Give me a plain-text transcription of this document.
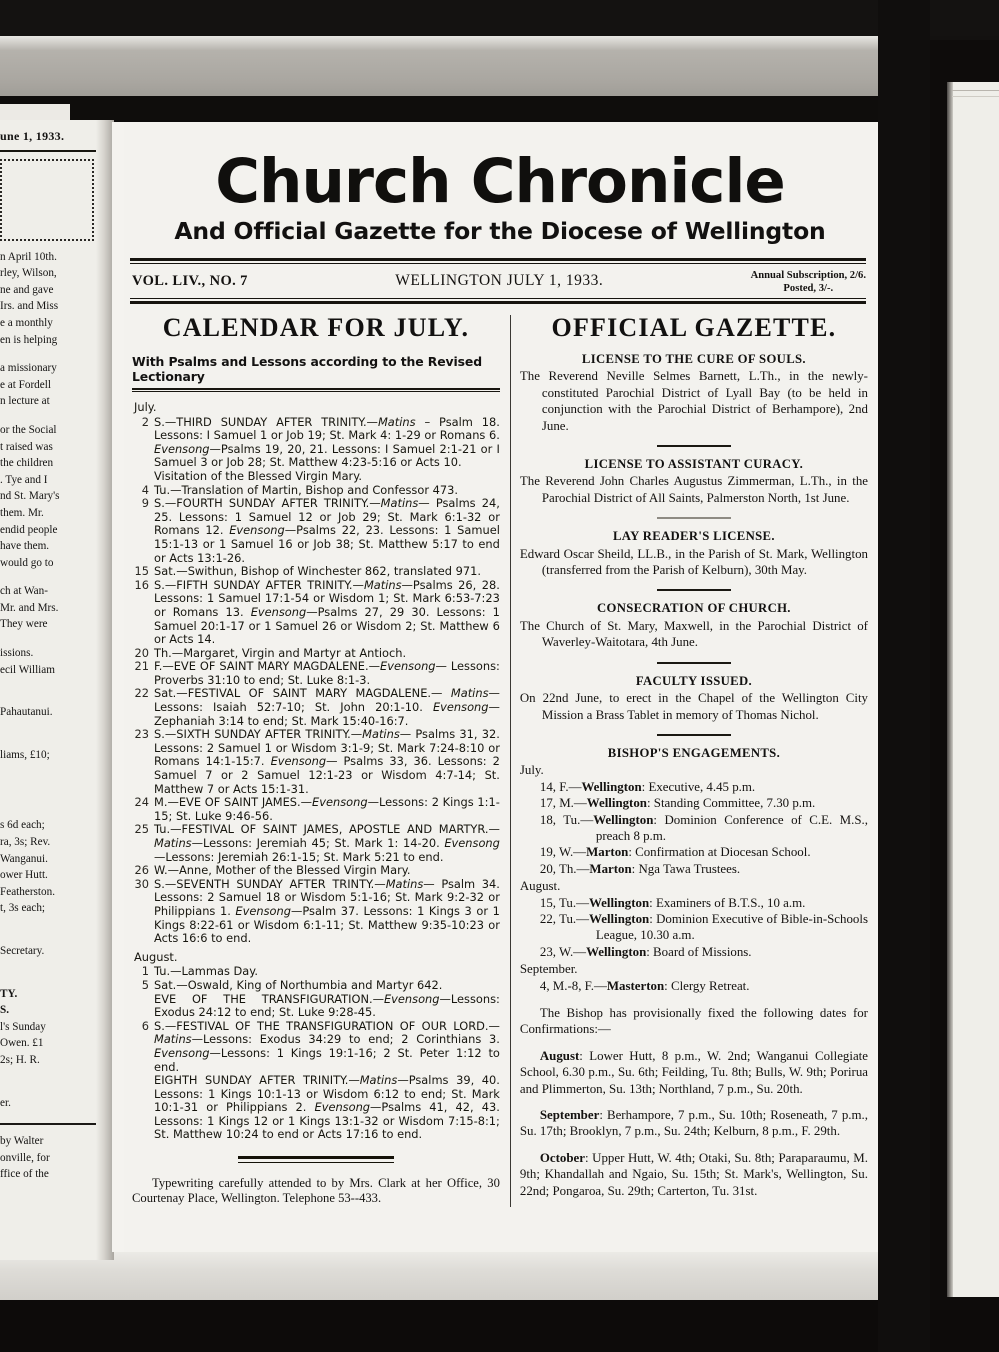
une 1, 1933.

n April 10th.

rley, Wilson,

ne and gave

Irs. and Miss

e a monthly

en is helping

a missionary

e at Fordell

n lecture at

or the Social

t raised was

the children

. Tye and I

nd St. Mary's

them. Mr.

endid people

have them.

would go to

ch at Wan-

Mr. and Mrs.

They were

issions.

ecil William

Pahautanui.

liams, £10;

s 6d each;

ra, 3s; Rev.

Wanganui.

ower Hutt.

Featherston.

t, 3s each;

Secretary.

TY.

S.

l's Sunday

Owen. £1

2s; H. R.

er.

by Walter

onville, for

ffice of the

Church Chronicle
And Official Gazette for the Diocese of Wellington
VOL. LIV., NO. 7	WELLINGTON JULY 1, 1933.	Annual Subscription, 2/6.
Posted, 3/-.
CALENDAR FOR JULY.
With Psalms and Lessons according to the Revised Lectionary
July.
2 S.—THIRD SUNDAY AFTER TRINITY.—Matins – Psalm 18. Lessons: I Samuel 1 or Job 19; St. Mark 4: 1-29 or Romans 6. Evensong—Psalms 19, 20, 21. Lessons: I Samuel 2:1-21 or I Samuel 3 or Job 28; St. Matthew 4:23-5:16 or Acts 10.
Visitation of the Blessed Virgin Mary.
4 Tu.—Translation of Martin, Bishop and Confessor 473.
9 S.—FOURTH SUNDAY AFTER TRINITY.—Matins— Psalms 24, 25. Lessons: 1 Samuel 12 or Job 29; St. Mark 6:1-32 or Romans 12. Evensong—Psalms 22, 23. Lessons: 1 Samuel 15:1-13 or 1 Samuel 16 or Job 38; St. Matthew 5:17 to end or Acts 13:1-26.
15 Sat.—Swithun, Bishop of Winchester 862, translated 971.
16 S.—FIFTH SUNDAY AFTER TRINITY.—Matins—Psalms 26, 28. Lessons: 1 Samuel 17:1-54 or Wisdom 1; St. Mark 6:53-7:23 or Romans 13. Evensong—Psalms 27, 29 30. Lessons: 1 Samuel 20:1-17 or 1 Samuel 26 or Wisdom 2; St. Matthew 6 or Acts 14.
20 Th.—Margaret, Virgin and Martyr at Antioch.
21 F.—EVE OF SAINT MARY MAGDALENE.—Evensong— Lessons: Proverbs 31:10 to end; St. Luke 8:1-3.
22 Sat.—FESTIVAL OF SAINT MARY MAGDALENE.— Matins—Lessons: Isaiah 52:7-10; St. John 20:1-10. Evensong— Zephaniah 3:14 to end; St. Mark 15:40-16:7.
23 S.—SIXTH SUNDAY AFTER TRINITY.—Matins— Psalms 31, 32. Lessons: 2 Samuel 1 or Wisdom 3:1-9; St. Mark 7:24-8:10 or Romans 14:1-15:7. Evensong— Psalms 33, 36. Lessons: 2 Samuel 7 or 2 Samuel 12:1-23 or Wisdom 4:7-14; St. Matthew 7 or Acts 15:1-31.
24 M.—EVE OF SAINT JAMES.—Evensong—Lessons: 2 Kings 1:1-15; St. Luke 9:46-56.
25 Tu.—FESTIVAL OF SAINT JAMES, APOSTLE AND MARTYR.—Matins—Lessons: Jeremiah 45; St. Mark 1: 14-20. Evensong—Lessons: Jeremiah 26:1-15; St. Mark 5:21 to end.
26 W.—Anne, Mother of the Blessed Virgin Mary.
30 S.—SEVENTH SUNDAY AFTER TRINTY.—Matins— Psalm 34. Lessons: 2 Samuel 18 or Wisdom 5:1-16; St. Mark 9:2-32 or Philippians 1. Evensong—Psalm 37. Lessons: 1 Kings 3 or 1 Kings 8:22-61 or Wisdom 6:1-11; St. Matthew 9:35-10:23 or Acts 16:6 to end.
August.
1 Tu.—Lammas Day.
5 Sat.—Oswald, King of Northumbia and Martyr 642.
EVE OF THE TRANSFIGURATION.—Evensong—Lessons: Exodus 24:12 to end; St. Luke 9:28-45.
6 S.—FESTIVAL OF THE TRANSFIGURATION OF OUR LORD.—Matins—Lessons: Exodus 34:29 to end; 2 Corinthians 3. Evensong—Lessons: 1 Kings 19:1-16; 2 St. Peter 1:12 to end.
EIGHTH SUNDAY AFTER TRINITY.—Matins—Psalms 39, 40. Lessons: 1 Kings 10:1-13 or Wisdom 6:12 to end; St. Mark 10:1-31 or Philippians 2. Evensong—Psalms 41, 42, 43. Lessons: 1 Kings 12 or 1 Kings 13:1-32 or Wisdom 7:15-8:1; St. Matthew 10:24 to end or Acts 17:16 to end.
Typewriting carefully attended to by Mrs. Clark at her Office, 30 Courtenay Place, Wellington. Telephone 53--433.
OFFICIAL GAZETTE.
LICENSE TO THE CURE OF SOULS.

The Reverend Neville Selmes Barnett, L.Th., in the newly-constituted Parochial District of Lyall Bay (to be held in conjunction with the Parochial District of Berhampore), 2nd June.

LICENSE TO ASSISTANT CURACY.

The Reverend John Charles Augustus Zimmerman, L.Th., in the Parochial District of All Saints, Palmerston North, 1st June.

LAY READER'S LICENSE.

Edward Oscar Sheild, LL.B., in the Parish of St. Mark, Wellington (transferred from the Parish of Kelburn), 30th May.

CONSECRATION OF CHURCH.

The Church of St. Mary, Maxwell, in the Parochial District of Waverley-Waitotara, 4th June.

FACULTY ISSUED.

On 22nd June, to erect in the Chapel of the Wellington City Mission a Brass Tablet in memory of Thomas Nichol.

BISHOP'S ENGAGEMENTS.

July.

14, F.—Wellington: Executive, 4.45 p.m.

17, M.—Wellington: Standing Committee, 7.30 p.m.

18, Tu.—Wellington: Dominion Conference of C.E. M.S., preach 8 p.m.

19, W.—Marton: Confirmation at Diocesan School.

20, Th.—Marton: Nga Tawa Trustees.

August.

15, Tu.—Wellington: Examiners of B.T.S., 10 a.m.

22, Tu.—Wellington: Dominion Executive of Bible-in-Schools League, 10.30 a.m.

23, W.—Wellington: Board of Missions.

September.

4, M.-8, F.—Masterton: Clergy Retreat.

The Bishop has provisionally fixed the following dates for Confirmations:—

August: Lower Hutt, 8 p.m., W. 2nd; Wanganui Collegiate School, 6.30 p.m., Su. 6th; Feilding, Tu. 8th; Bulls, W. 9th; Porirua and Plimmerton, Su. 13th; Northland, 7 p.m., Su. 20th.

September: Berhampore, 7 p.m., Su. 10th; Roseneath, 7 p.m., Su. 17th; Brooklyn, 7 p.m., Su. 24th; Kelburn, 8 p.m., F. 29th.

October: Upper Hutt, W. 4th; Otaki, Su. 8th; Paraparaumu, M. 9th; Khandallah and Ngaio, Su. 15th; St. Mark's, Wellington, Su. 22nd; Pongaroa, Su. 29th; Carterton, Tu. 31st.
